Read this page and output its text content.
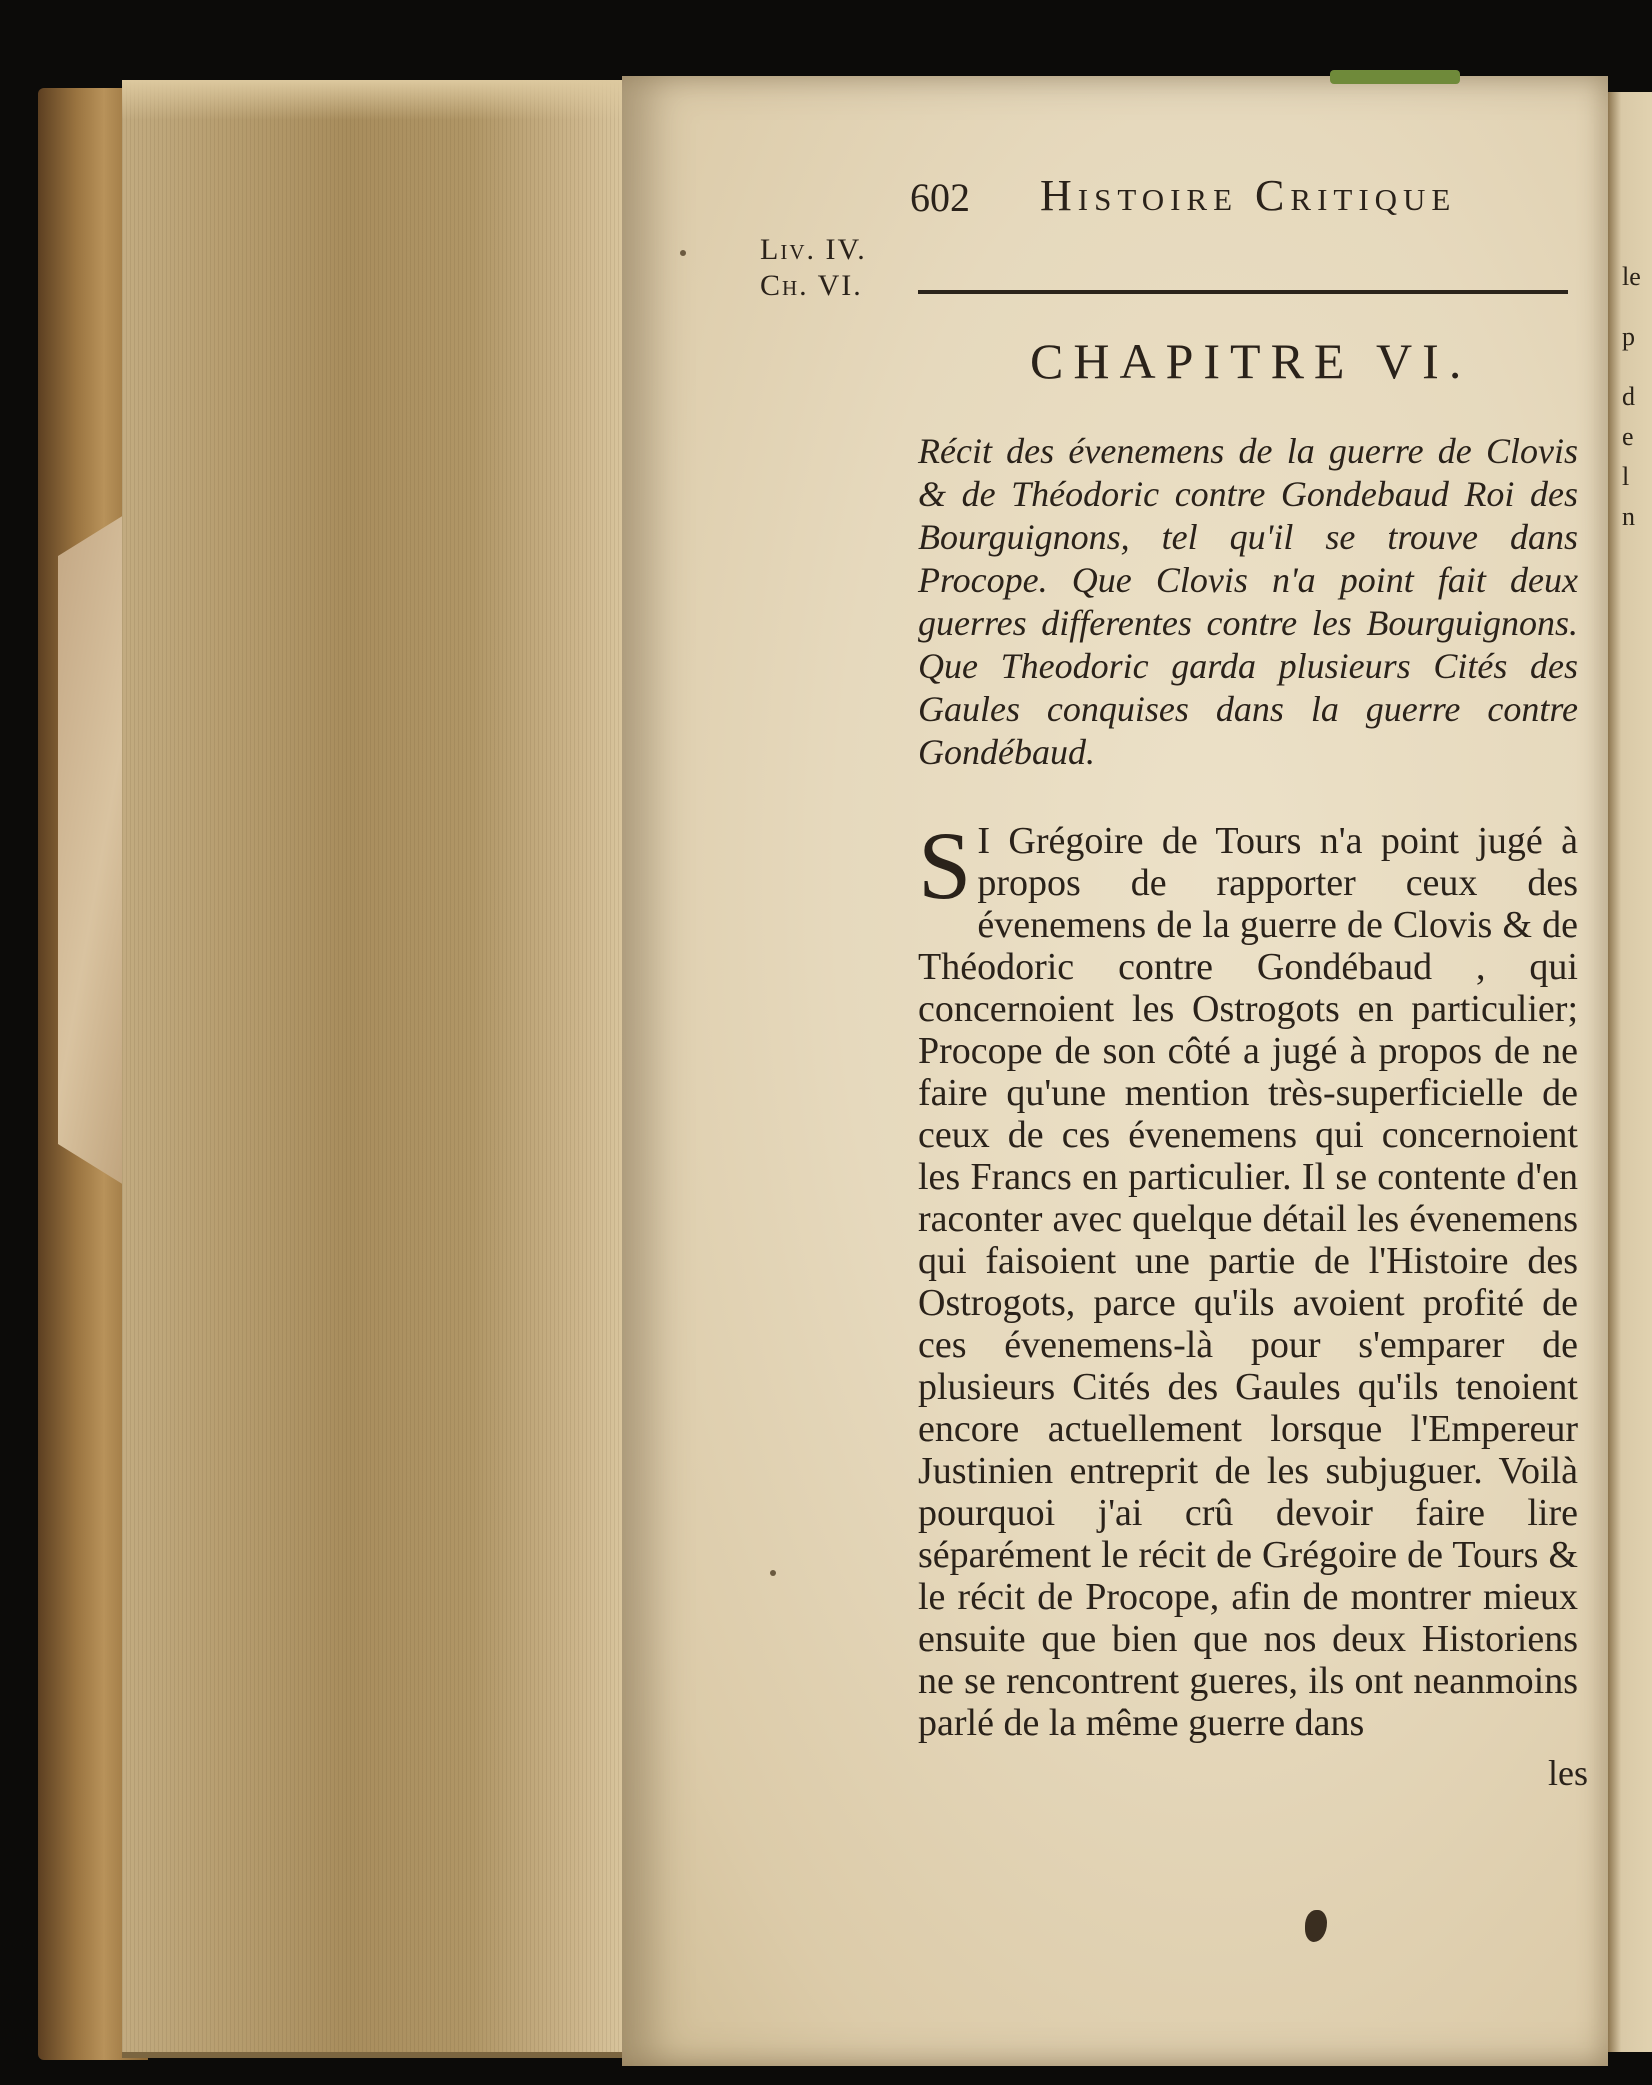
le
p
d
e
l
n
602 Histoire Critique
Liv. IV.
Ch. VI.
CHAPITRE VI.

Récit des évenemens de la guerre de Clovis & de Théodoric contre Gondebaud Roi des Bourguignons, tel qu'il se trouve dans Procope. Que Clovis n'a point fait deux guerres differentes contre les Bourguignons. Que Theodoric garda plusieurs Cités des Gaules conquises dans la guerre contre Gondébaud.

S I Grégoire de Tours n'a point jugé à propos de rapporter ceux des évenemens de la guerre de Clovis & de Théodoric contre Gondébaud , qui concernoient les Ostrogots en particulier; Procope de son côté a jugé à propos de ne faire qu'une mention très-superficielle de ceux de ces évenemens qui concernoient les Francs en particulier. Il se contente d'en raconter avec quelque détail les évenemens qui faisoient une partie de l'Histoire des Ostrogots, parce qu'ils avoient profité de ces évenemens-là pour s'emparer de plusieurs Cités des Gaules qu'ils tenoient encore actuellement lorsque l'Empereur Justinien entreprit de les subjuguer. Voilà pourquoi j'ai crû devoir faire lire séparément le récit de Grégoire de Tours & le récit de Procope, afin de montrer mieux ensuite que bien que nos deux Historiens ne se rencontrent gueres, ils ont neanmoins parlé de la même guerre dans
les
